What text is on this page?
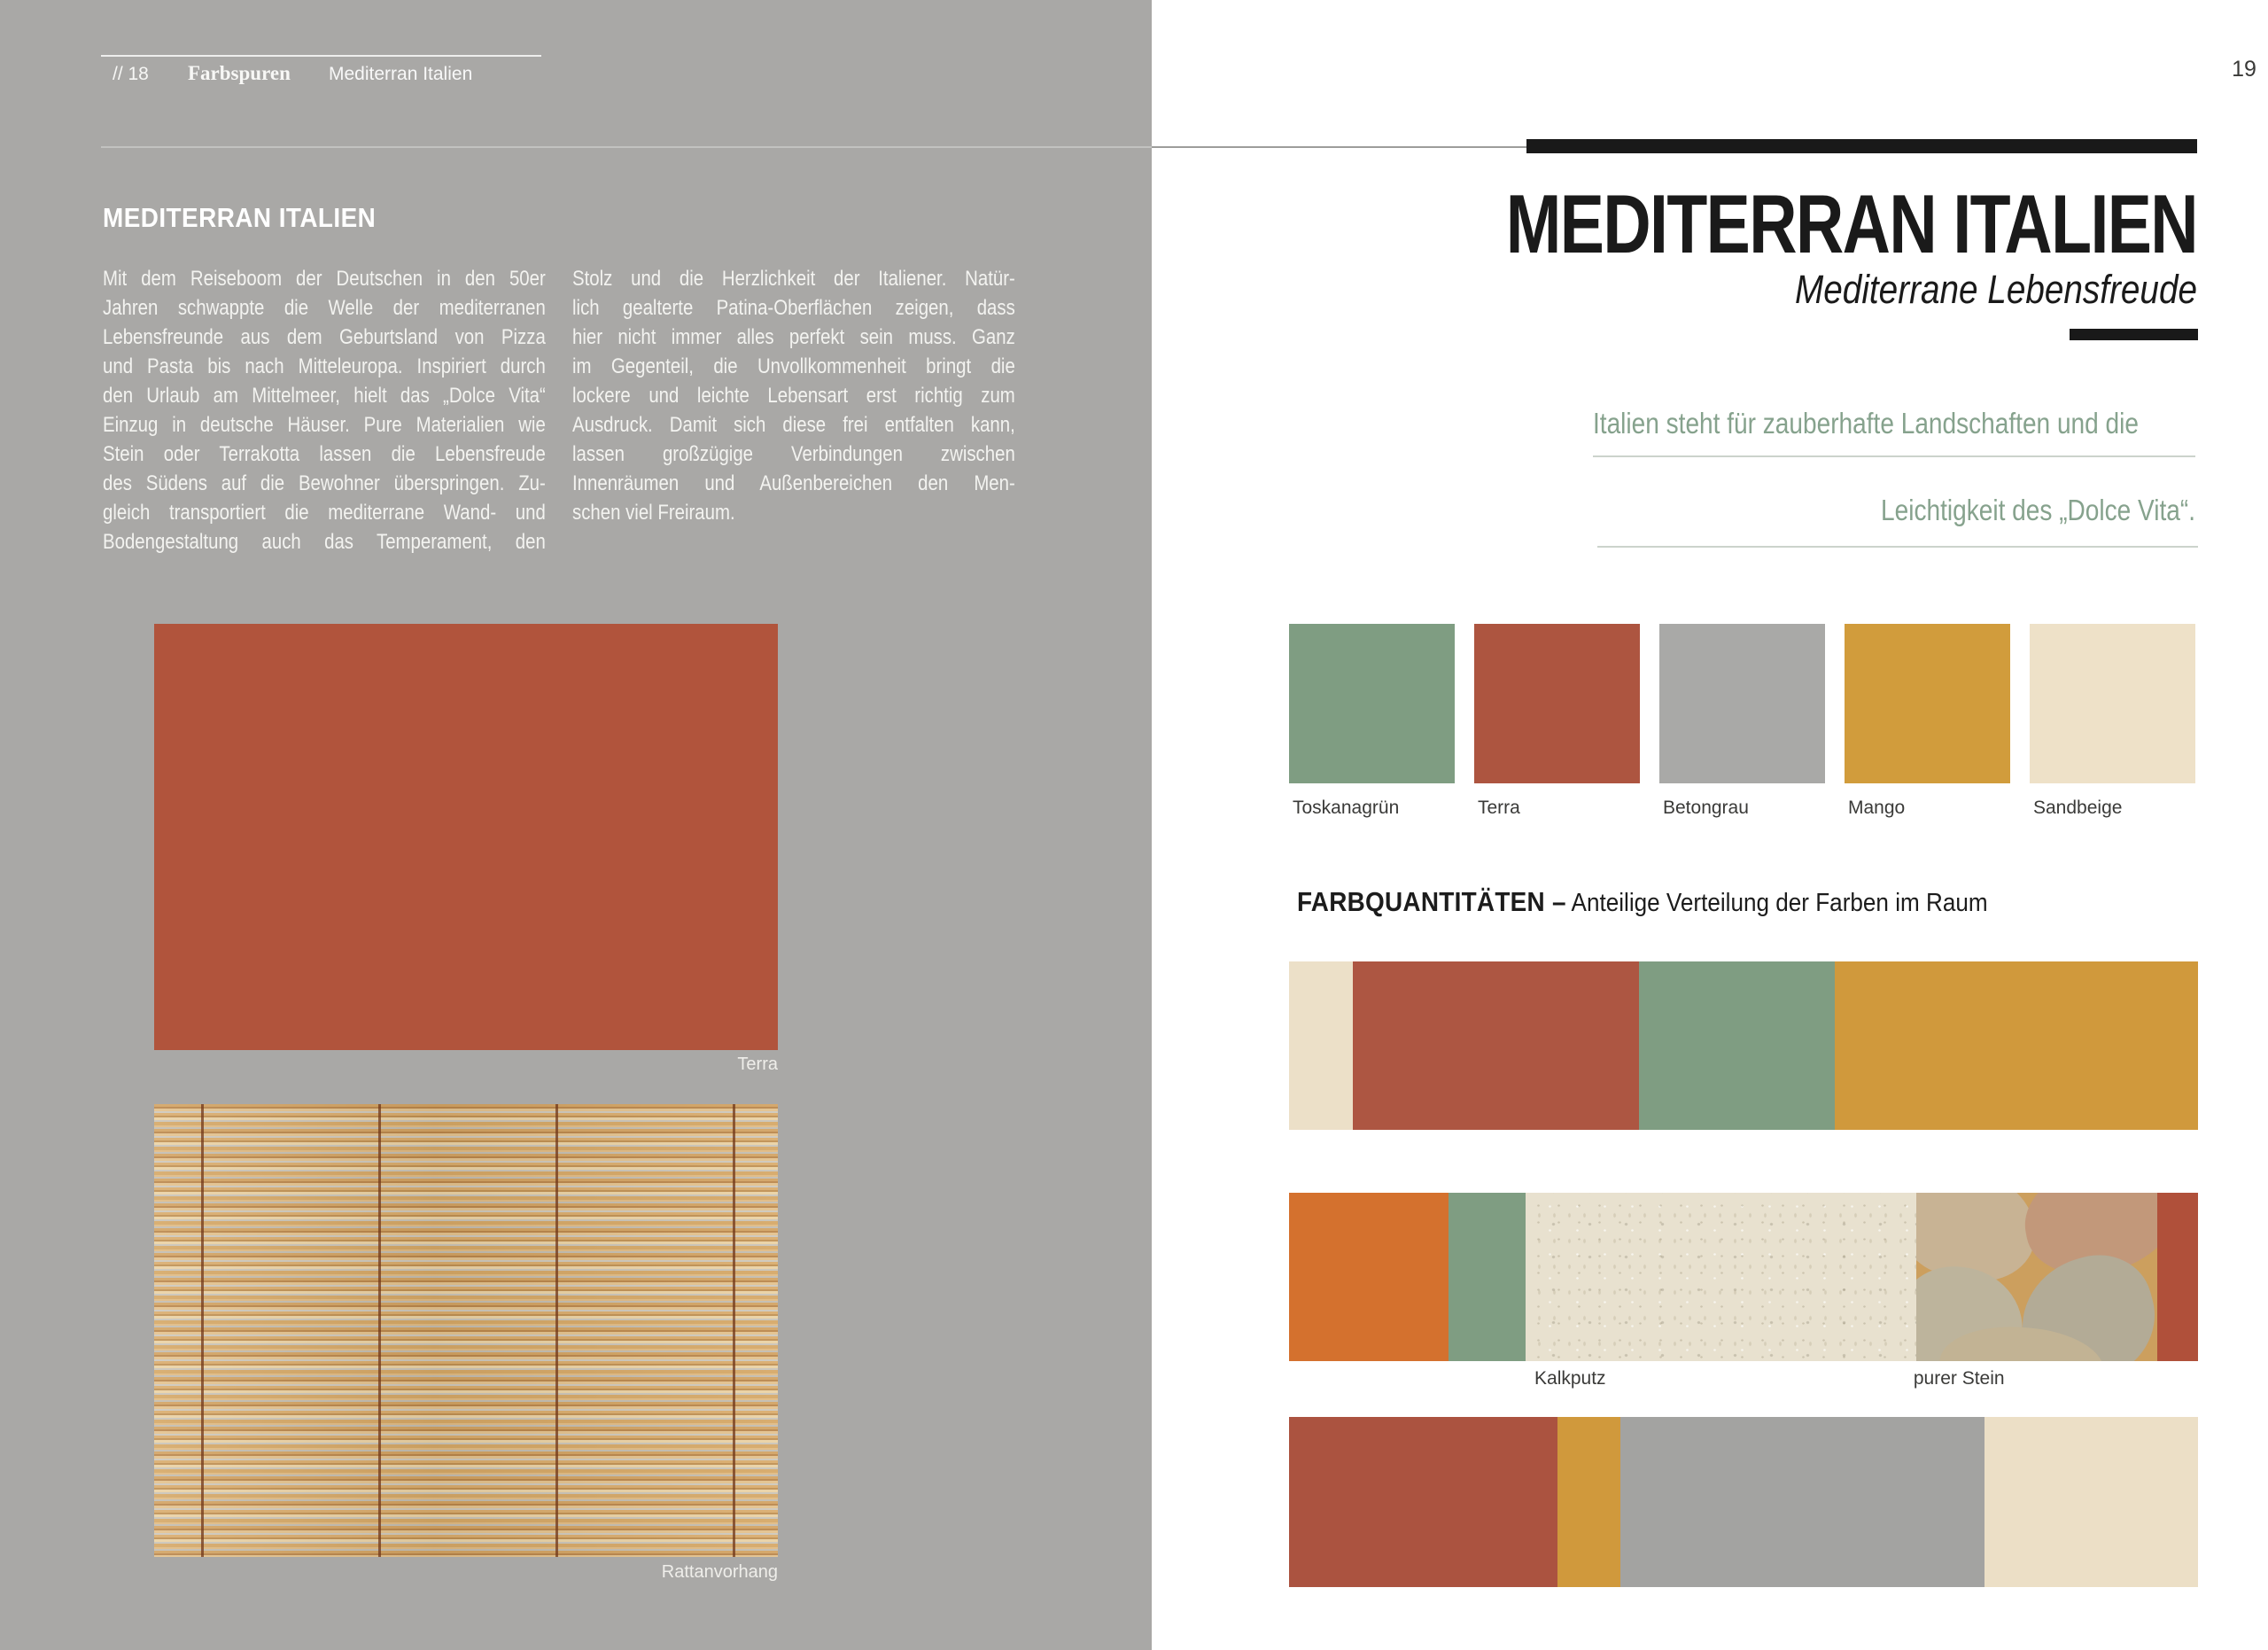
// 18 Farbspuren Mediterran Italien
MEDITERRAN ITALIEN
Mit dem Reiseboom der Deutschen in den 50er
Jahren schwappte die Welle der mediterranen
Lebensfreunde aus dem Geburtsland von Pizza
und Pasta bis nach Mitteleuropa. Inspiriert durch
den Urlaub am Mittelmeer, hielt das „Dolce Vita“
Einzug in deutsche Häuser. Pure Materialien wie
Stein oder Terrakotta lassen die Lebensfreude
des Südens auf die Bewohner überspringen. Zu-
gleich transportiert die mediterrane Wand- und
Bodengestaltung auch das Temperament, den
Stolz und die Herzlichkeit der Italiener. Natür-
lich gealterte Patina-Oberflächen zeigen, dass
hier nicht immer alles perfekt sein muss. Ganz
im Gegenteil, die Unvollkommenheit bringt die
lockere und leichte Lebensart erst richtig zum
Ausdruck. Damit sich diese frei entfalten kann,
lassen großzügige Verbindungen zwischen
Innenräumen und Außenbereichen den Men-
schen viel Freiraum.
Terra
Rattanvorhang
19
MEDITERRAN ITALIEN
Mediterrane Lebensfreude
Italien steht für zauberhafte Landschaften und die
Leichtigkeit des „Dolce Vita“.
Toskanagrün	Terra	Betongrau	Mango	Sandbeige
FARBQUANTITÄTEN – Anteilige Verteilung der Farben im Raum
Kalkputz	purer Stein
